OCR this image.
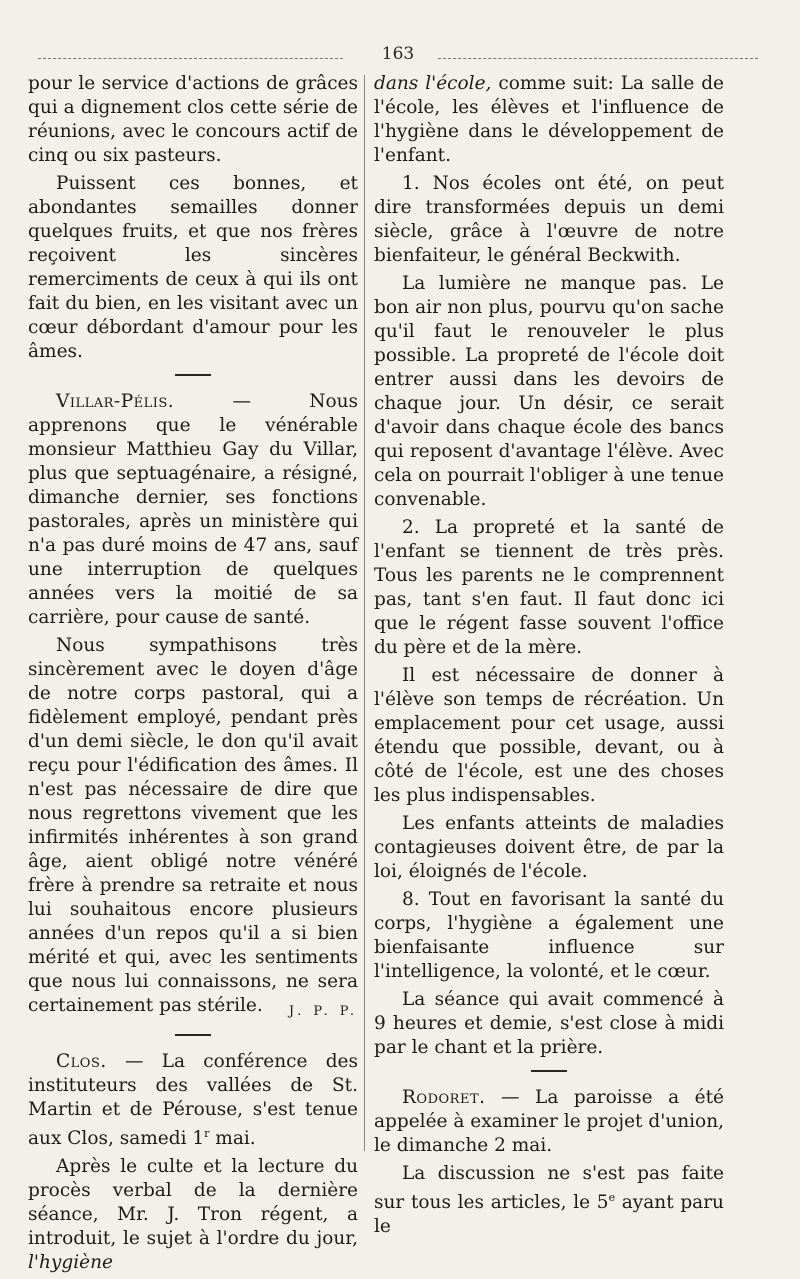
163

pour le service d'actions de grâces qui a dignement clos cette série de réunions, avec le concours actif de cinq ou six pasteurs.

Puissent ces bonnes, et abondantes semailles donner quelques fruits, et que nos frères reçoivent les sincères remerciments de ceux à qui ils ont fait du bien, en les visitant avec un cœur débordant d'amour pour les âmes.

Villar-Pélis. — Nous apprenons que le vénérable monsieur Matthieu Gay du Villar, plus que septuagénaire, a résigné, dimanche dernier, ses fonctions pastorales, après un ministère qui n'a pas duré moins de 47 ans, sauf une interruption de quelques années vers la moitié de sa carrière, pour cause de santé.

Nous sympathisons très sincèrement avec le doyen d'âge de notre corps pastoral, qui a fidèlement employé, pendant près d'un demi siècle, le don qu'il avait reçu pour l'édification des âmes. Il n'est pas nécessaire de dire que nous regrettons vivement que les infirmités inhérentes à son grand âge, aient obligé notre vénéré frère à prendre sa retraite et nous lui souhaitous encore plusieurs années d'un repos qu'il a si bien mérité et qui, avec les sentiments que nous lui connaissons, ne sera certainement pas stérile.	J. P. P.

Clos. — La conférence des instituteurs des vallées de St. Martin et de Pérouse, s'est tenue aux Clos, samedi 1$^r$ mai.

Après le culte et la lecture du procès verbal de la dernière séance, Mr. J. Tron régent, a introduit, le sujet à l'ordre du jour, l'hygiène

dans l'école, comme suit: La salle de l'école, les élèves et l'influence de l'hygiène dans le développement de l'enfant.

1. Nos écoles ont été, on peut dire transformées depuis un demi siècle, grâce à l'œuvre de notre bienfaiteur, le général Beckwith.

La lumière ne manque pas. Le bon air non plus, pourvu qu'on sache qu'il faut le renouveler le plus possible. La propreté de l'école doit entrer aussi dans les devoirs de chaque jour. Un désir, ce serait d'avoir dans chaque école des bancs qui reposent d'avantage l'élève. Avec cela on pourrait l'obliger à une tenue convenable.

2. La propreté et la santé de l'enfant se tiennent de très près. Tous les parents ne le comprennent pas, tant s'en faut. Il faut donc ici que le régent fasse souvent l'office du père et de la mère.

Il est nécessaire de donner à l'élève son temps de récréation. Un emplacement pour cet usage, aussi étendu que possible, devant, ou à côté de l'école, est une des choses les plus indispensables.

Les enfants atteints de maladies contagieuses doivent être, de par la loi, éloignés de l'école.

8. Tout en favorisant la santé du corps, l'hygiène a également une bienfaisante influence sur l'intelligence, la volonté, et le cœur.

La séance qui avait commencé à 9 heures et demie, s'est close à midi par le chant et la prière.

Rodoret. — La paroisse a été appelée à examiner le projet d'union, le dimanche 2 mai.

La discussion ne s'est pas faite sur tous les articles, le 5e ayant paru le
